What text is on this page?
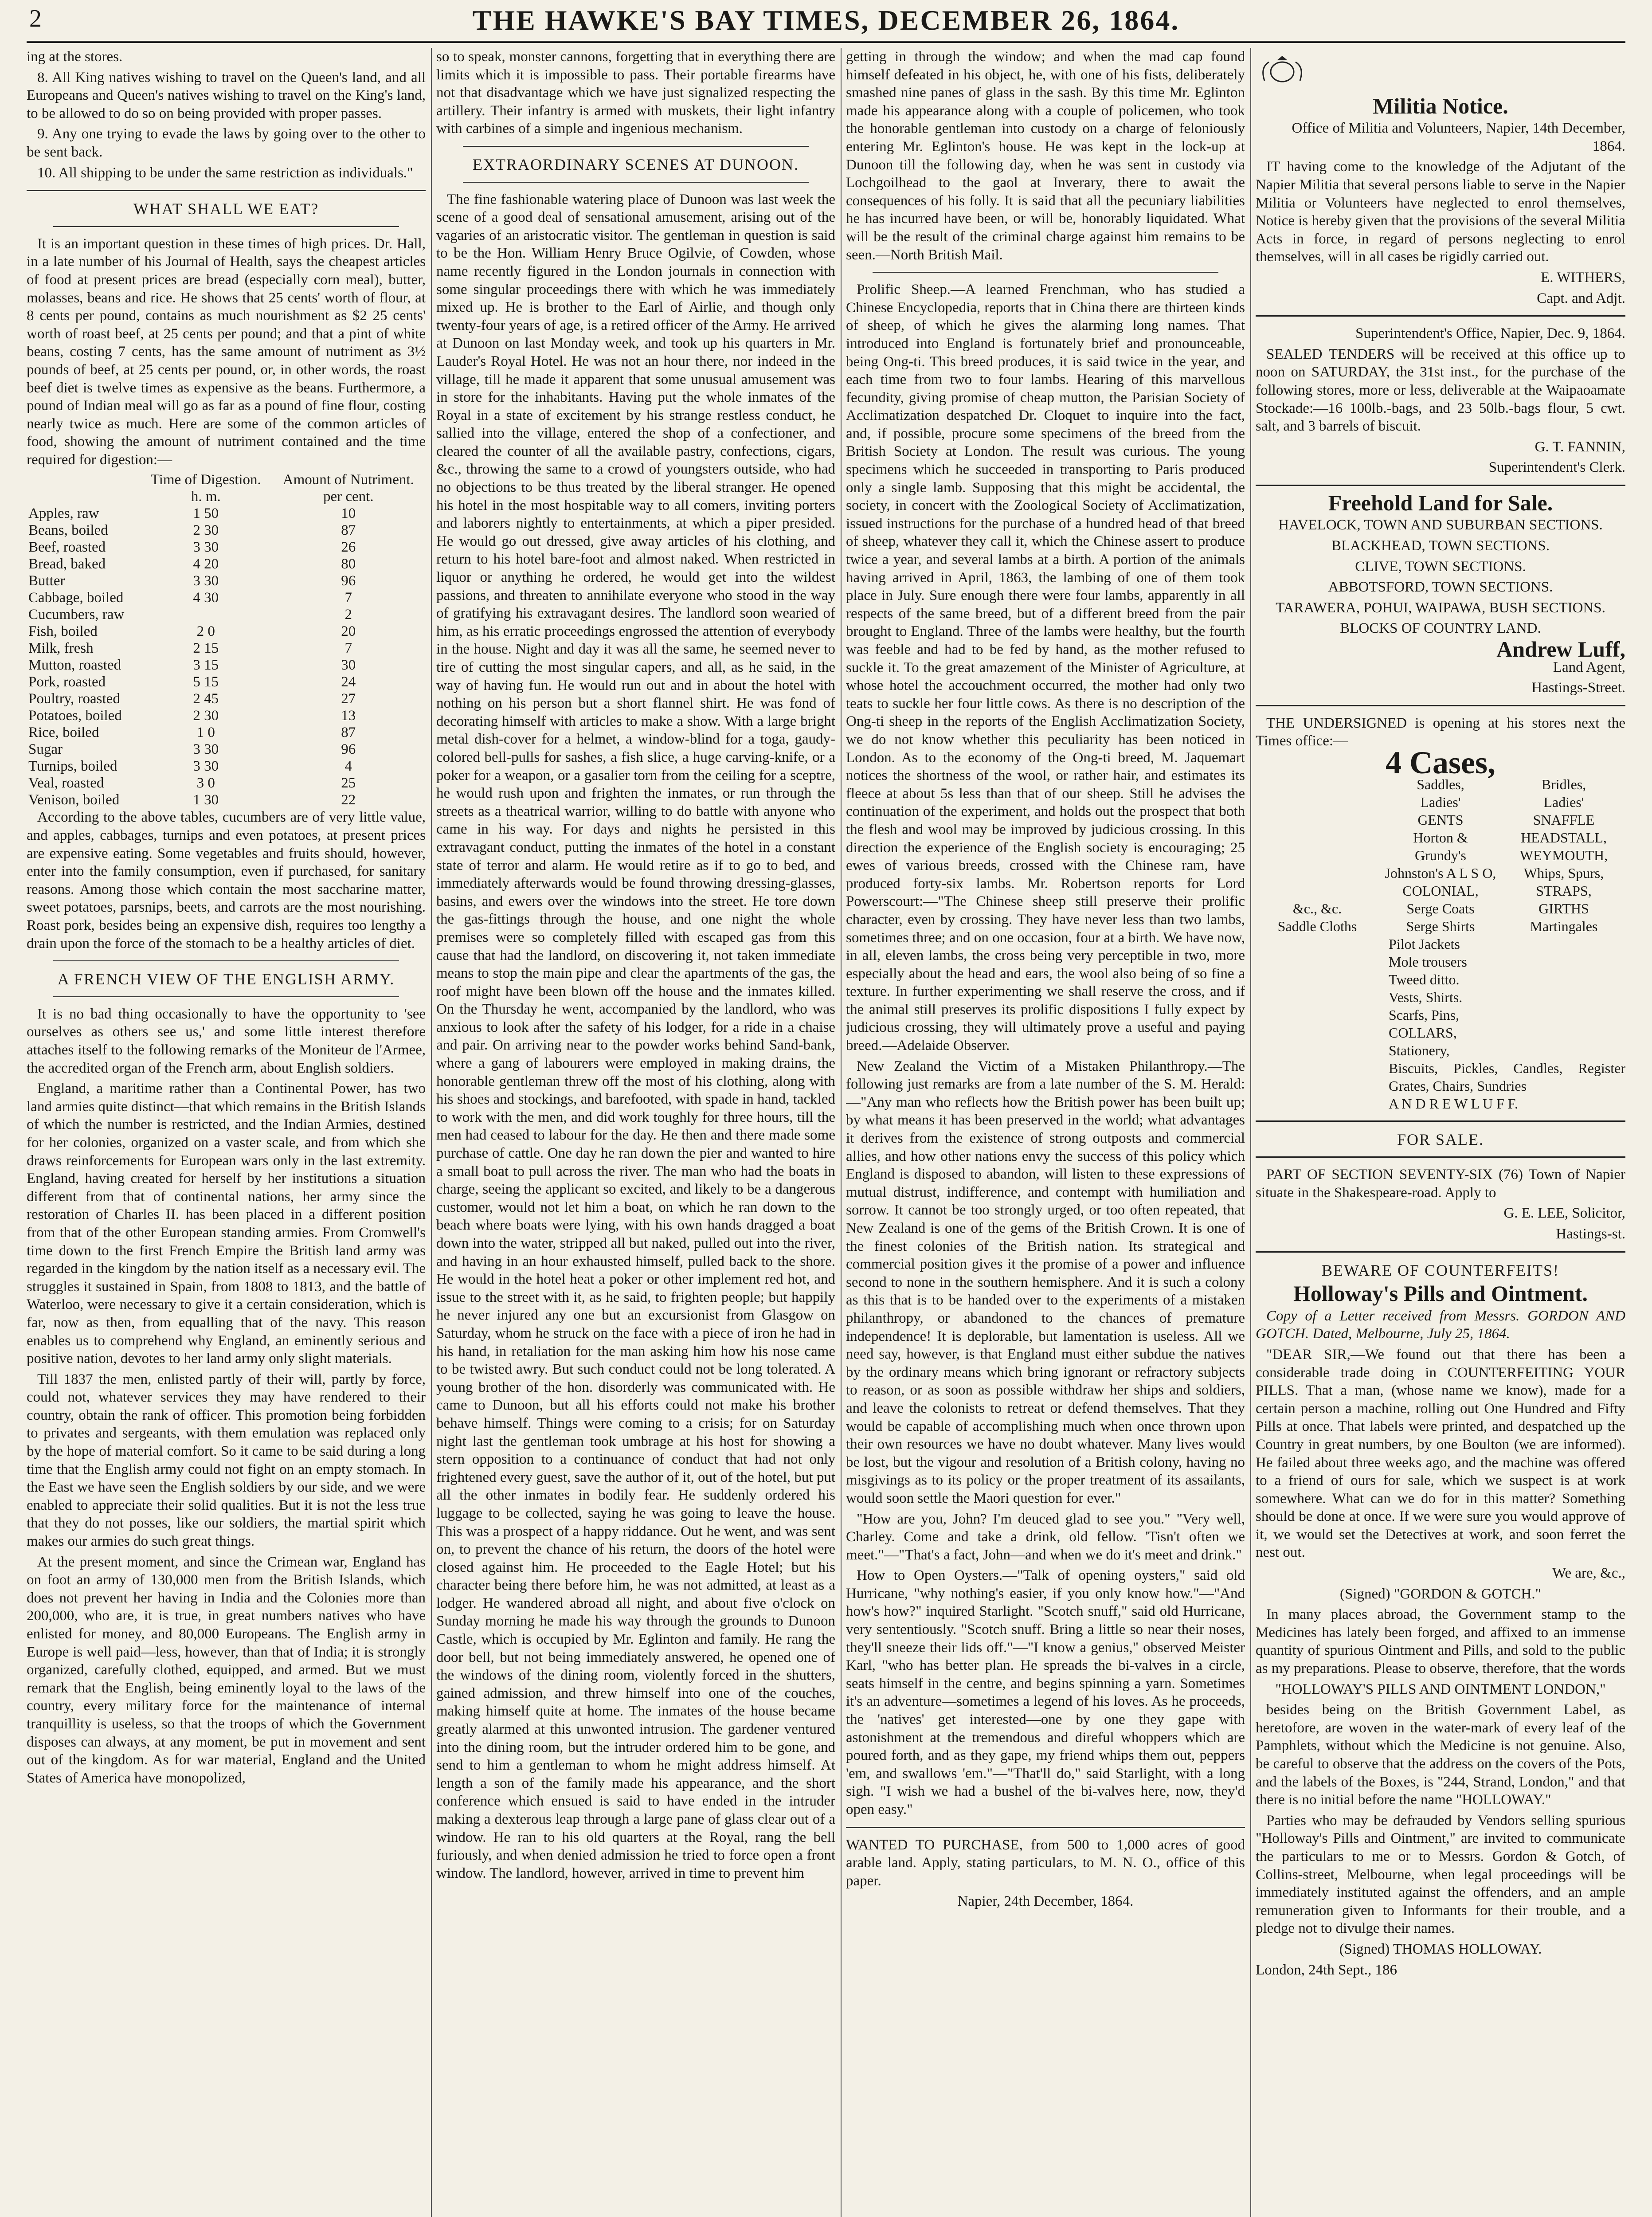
2	THE HAWKE'S BAY TIMES, DECEMBER 26, 1864.

ing at the stores.

8. All King natives wishing to travel on the Queen's land, and all Europeans and Queen's natives wishing to travel on the King's land, to be allowed to do so on being provided with proper passes.

9. Any one trying to evade the laws by going over to the other to be sent back.

10. All shipping to be under the same restriction as individuals."

WHAT SHALL WE EAT?

It is an important question in these times of high prices. Dr. Hall, in a late number of his Journal of Health, says the cheapest articles of food at present prices are bread (especially corn meal), butter, molasses, beans and rice. He shows that 25 cents' worth of flour, at 8 cents per pound, contains as much nourishment as $2 25 cents' worth of roast beef, at 25 cents per pound; and that a pint of white beans, costing 7 cents, has the same amount of nutriment as 3½ pounds of beef, at 25 cents per pound, or, in other words, the roast beef diet is twelve times as expensive as the beans. Furthermore, a pound of Indian meal will go as far as a pound of fine flour, costing nearly twice as much. Here are some of the common articles of food, showing the amount of nutriment contained and the time required for digestion:—

	Time of Digestion.	Amount of Nutriment.
	h. m.	per cent.
Apples, raw	1 50	10
Beans, boiled	2 30	87
Beef, roasted	3 30	26
Bread, baked	4 20	80
Butter	3 30	96
Cabbage, boiled	4 30	7
Cucumbers, raw		2
Fish, boiled	2 0	20
Milk, fresh	2 15	7
Mutton, roasted	3 15	30
Pork, roasted	5 15	24
Poultry, roasted	2 45	27
Potatoes, boiled	2 30	13
Rice, boiled	1 0	87
Sugar	3 30	96
Turnips, boiled	3 30	4
Veal, roasted	3 0	25
Venison, boiled	1 30	22

According to the above tables, cucumbers are of very little value, and apples, cabbages, turnips and even potatoes, at present prices are expensive eating. Some vegetables and fruits should, however, enter into the family consumption, even if purchased, for sanitary reasons. Among those which contain the most saccharine matter, sweet potatoes, parsnips, beets, and carrots are the most nourishing. Roast pork, besides being an expensive dish, requires too lengthy a drain upon the force of the stomach to be a healthy articles of diet.

A FRENCH VIEW OF THE ENGLISH ARMY.

It is no bad thing occasionally to have the opportunity to 'see ourselves as others see us,' and some little interest therefore attaches itself to the following remarks of the Moniteur de l'Armee, the accredited organ of the French arm, about English soldiers.

England, a maritime rather than a Continental Power, has two land armies quite distinct—that which remains in the British Islands of which the number is restricted, and the Indian Armies, destined for her colonies, organized on a vaster scale, and from which she draws reinforcements for European wars only in the last extremity. England, having created for herself by her institutions a situation different from that of continental nations, her army since the restoration of Charles II. has been placed in a different position from that of the other European standing armies. From Cromwell's time down to the first French Empire the British land army was regarded in the kingdom by the nation itself as a necessary evil. The struggles it sustained in Spain, from 1808 to 1813, and the battle of Waterloo, were necessary to give it a certain consideration, which is far, now as then, from equalling that of the navy. This reason enables us to comprehend why England, an eminently serious and positive nation, devotes to her land army only slight materials.

Till 1837 the men, enlisted partly of their will, partly by force, could not, whatever services they may have rendered to their country, obtain the rank of officer. This promotion being forbidden to privates and sergeants, with them emulation was replaced only by the hope of material comfort. So it came to be said during a long time that the English army could not fight on an empty stomach. In the East we have seen the English soldiers by our side, and we were enabled to appreciate their solid qualities. But it is not the less true that they do not posses, like our soldiers, the martial spirit which makes our armies do such great things.

At the present moment, and since the Crimean war, England has on foot an army of 130,000 men from the British Islands, which does not prevent her having in India and the Colonies more than 200,000, who are, it is true, in great numbers natives who have enlisted for money, and 80,000 Europeans. The English army in Europe is well paid—less, however, than that of India; it is strongly organized, carefully clothed, equipped, and armed. But we must remark that the English, being eminently loyal to the laws of the country, every military force for the maintenance of internal tranquillity is useless, so that the troops of which the Government disposes can always, at any moment, be put in movement and sent out of the kingdom. As for war material, England and the United States of America have monopolized,

so to speak, monster cannons, forgetting that in everything there are limits which it is impossible to pass. Their portable firearms have not that disadvantage which we have just signalized respecting the artillery. Their infantry is armed with muskets, their light infantry with carbines of a simple and ingenious mechanism.

EXTRAORDINARY SCENES AT DUNOON.

The fine fashionable watering place of Dunoon was last week the scene of a good deal of sensational amusement, arising out of the vagaries of an aristocratic visitor. The gentleman in question is said to be the Hon. William Henry Bruce Ogilvie, of Cowden, whose name recently figured in the London journals in connection with some singular proceedings there with which he was immediately mixed up. He is brother to the Earl of Airlie, and though only twenty-four years of age, is a retired officer of the Army. He arrived at Dunoon on last Monday week, and took up his quarters in Mr. Lauder's Royal Hotel. He was not an hour there, nor indeed in the village, till he made it apparent that some unusual amusement was in store for the inhabitants. Having put the whole inmates of the Royal in a state of excitement by his strange restless conduct, he sallied into the village, entered the shop of a confectioner, and cleared the counter of all the available pastry, confections, cigars, &c., throwing the same to a crowd of youngsters outside, who had no objections to be thus treated by the liberal stranger. He opened his hotel in the most hospitable way to all comers, inviting porters and laborers nightly to entertainments, at which a piper presided. He would go out dressed, give away articles of his clothing, and return to his hotel bare-foot and almost naked. When restricted in liquor or anything he ordered, he would get into the wildest passions, and threaten to annihilate everyone who stood in the way of gratifying his extravagant desires. The landlord soon wearied of him, as his erratic proceedings engrossed the attention of everybody in the house. Night and day it was all the same, he seemed never to tire of cutting the most singular capers, and all, as he said, in the way of having fun. He would run out and in about the hotel with nothing on his person but a short flannel shirt. He was fond of decorating himself with articles to make a show. With a large bright metal dish-cover for a helmet, a window-blind for a toga, gaudy-colored bell-pulls for sashes, a fish slice, a huge carving-knife, or a poker for a weapon, or a gasalier torn from the ceiling for a sceptre, he would rush upon and frighten the inmates, or run through the streets as a theatrical warrior, willing to do battle with anyone who came in his way. For days and nights he persisted in this extravagant conduct, putting the inmates of the hotel in a constant state of terror and alarm. He would retire as if to go to bed, and immediately afterwards would be found throwing dressing-glasses, basins, and ewers over the windows into the street. He tore down the gas-fittings through the house, and one night the whole premises were so completely filled with escaped gas from this cause that had the landlord, on discovering it, not taken immediate means to stop the main pipe and clear the apartments of the gas, the roof might have been blown off the house and the inmates killed. On the Thursday he went, accompanied by the landlord, who was anxious to look after the safety of his lodger, for a ride in a chaise and pair. On arriving near to the powder works behind Sand-bank, where a gang of labourers were employed in making drains, the honorable gentleman threw off the most of his clothing, along with his shoes and stockings, and barefooted, with spade in hand, tackled to work with the men, and did work toughly for three hours, till the men had ceased to labour for the day. He then and there made some purchase of cattle. One day he ran down the pier and wanted to hire a small boat to pull across the river. The man who had the boats in charge, seeing the applicant so excited, and likely to be a dangerous customer, would not let him a boat, on which he ran down to the beach where boats were lying, with his own hands dragged a boat down into the water, stripped all but naked, pulled out into the river, and having in an hour exhausted himself, pulled back to the shore. He would in the hotel heat a poker or other implement red hot, and issue to the street with it, as he said, to frighten people; but happily he never injured any one but an excursionist from Glasgow on Saturday, whom he struck on the face with a piece of iron he had in his hand, in retaliation for the man asking him how his nose came to be twisted awry. But such conduct could not be long tolerated. A young brother of the hon. disorderly was communicated with. He came to Dunoon, but all his efforts could not make his brother behave himself. Things were coming to a crisis; for on Saturday night last the gentleman took umbrage at his host for showing a stern opposition to a continuance of conduct that had not only frightened every guest, save the author of it, out of the hotel, but put all the other inmates in bodily fear. He suddenly ordered his luggage to be collected, saying he was going to leave the house. This was a prospect of a happy riddance. Out he went, and was sent on, to prevent the chance of his return, the doors of the hotel were closed against him. He proceeded to the Eagle Hotel; but his character being there before him, he was not admitted, at least as a lodger. He wandered abroad all night, and about five o'clock on Sunday morning he made his way through the grounds to Dunoon Castle, which is occupied by Mr. Eglinton and family. He rang the door bell, but not being immediately answered, he opened one of the windows of the dining room, violently forced in the shutters, gained admission, and threw himself into one of the couches, making himself quite at home. The inmates of the house became greatly alarmed at this unwonted intrusion. The gardener ventured into the dining room, but the intruder ordered him to be gone, and send to him a gentleman to whom he might address himself. At length a son of the family made his appearance, and the short conference which ensued is said to have ended in the intruder making a dexterous leap through a large pane of glass clear out of a window. He ran to his old quarters at the Royal, rang the bell furiously, and when denied admission he tried to force open a front window. The landlord, however, arrived in time to prevent him

getting in through the window; and when the mad cap found himself defeated in his object, he, with one of his fists, deliberately smashed nine panes of glass in the sash. By this time Mr. Eglinton made his appearance along with a couple of policemen, who took the honorable gentleman into custody on a charge of feloniously entering Mr. Eglinton's house. He was kept in the lock-up at Dunoon till the following day, when he was sent in custody via Lochgoilhead to the gaol at Inverary, there to await the consequences of his folly. It is said that all the pecuniary liabilities he has incurred have been, or will be, honorably liquidated. What will be the result of the criminal charge against him remains to be seen.—North British Mail.

Prolific Sheep.—A learned Frenchman, who has studied a Chinese Encyclopedia, reports that in China there are thirteen kinds of sheep, of which he gives the alarming long names. That introduced into England is fortunately brief and pronounceable, being Ong-ti. This breed produces, it is said twice in the year, and each time from two to four lambs. Hearing of this marvellous fecundity, giving promise of cheap mutton, the Parisian Society of Acclimatization despatched Dr. Cloquet to inquire into the fact, and, if possible, procure some specimens of the breed from the British Society at London. The result was curious. The young specimens which he succeeded in transporting to Paris produced only a single lamb. Supposing that this might be accidental, the society, in concert with the Zoological Society of Acclimatization, issued instructions for the purchase of a hundred head of that breed of sheep, whatever they call it, which the Chinese assert to produce twice a year, and several lambs at a birth. A portion of the animals having arrived in April, 1863, the lambing of one of them took place in July. Sure enough there were four lambs, apparently in all respects of the same breed, but of a different breed from the pair brought to England. Three of the lambs were healthy, but the fourth was feeble and had to be fed by hand, as the mother refused to suckle it. To the great amazement of the Minister of Agriculture, at whose hotel the accouchment occurred, the mother had only two teats to suckle her four little cows. As there is no description of the Ong-ti sheep in the reports of the English Acclimatization Society, we do not know whether this peculiarity has been noticed in London. As to the economy of the Ong-ti breed, M. Jaquemart notices the shortness of the wool, or rather hair, and estimates its fleece at about 5s less than that of our sheep. Still he advises the continuation of the experiment, and holds out the prospect that both the flesh and wool may be improved by judicious crossing. In this direction the experience of the English society is encouraging; 25 ewes of various breeds, crossed with the Chinese ram, have produced forty-six lambs. Mr. Robertson reports for Lord Powerscourt:—"The Chinese sheep still preserve their prolific character, even by crossing. They have never less than two lambs, sometimes three; and on one occasion, four at a birth. We have now, in all, eleven lambs, the cross being very perceptible in two, more especially about the head and ears, the wool also being of so fine a texture. In further experimenting we shall reserve the cross, and if the animal still preserves its prolific dispositions I fully expect by judicious crossing, they will ultimately prove a useful and paying breed.—Adelaide Observer.

New Zealand the Victim of a Mistaken Philanthropy.—The following just remarks are from a late number of the S. M. Herald:—"Any man who reflects how the British power has been built up; by what means it has been preserved in the world; what advantages it derives from the existence of strong outposts and commercial allies, and how other nations envy the success of this policy which England is disposed to abandon, will listen to these expressions of mutual distrust, indifference, and contempt with humiliation and sorrow. It cannot be too strongly urged, or too often repeated, that New Zealand is one of the gems of the British Crown. It is one of the finest colonies of the British nation. Its strategical and commercial position gives it the promise of a power and influence second to none in the southern hemisphere. And it is such a colony as this that is to be handed over to the experiments of a mistaken philanthropy, or abandoned to the chances of premature independence! It is deplorable, but lamentation is useless. All we need say, however, is that England must either subdue the natives by the ordinary means which bring ignorant or refractory subjects to reason, or as soon as possible withdraw her ships and soldiers, and leave the colonists to retreat or defend themselves. That they would be capable of accomplishing much when once thrown upon their own resources we have no doubt whatever. Many lives would be lost, but the vigour and resolution of a British colony, having no misgivings as to its policy or the proper treatment of its assailants, would soon settle the Maori question for ever."

"How are you, John? I'm deuced glad to see you." "Very well, Charley. Come and take a drink, old fellow. 'Tisn't often we meet."—"That's a fact, John—and when we do it's meet and drink."

How to Open Oysters.—"Talk of opening oysters," said old Hurricane, "why nothing's easier, if you only know how."—"And how's how?" inquired Starlight. "Scotch snuff," said old Hurricane, very sententiously. "Scotch snuff. Bring a little so near their noses, they'll sneeze their lids off."—"I know a genius," observed Meister Karl, "who has better plan. He spreads the bi-valves in a circle, seats himself in the centre, and begins spinning a yarn. Sometimes it's an adventure—sometimes a legend of his loves. As he proceeds, the 'natives' get interested—one by one they gape with astonishment at the tremendous and direful whoppers which are poured forth, and as they gape, my friend whips them out, peppers 'em, and swallows 'em."—"That'll do," said Starlight, with a long sigh. "I wish we had a bushel of the bi-valves here, now, they'd open easy."

WANTED TO PURCHASE, from 500 to 1,000 acres of good arable land. Apply, stating particulars, to M. N. O., office of this paper.

Napier, 24th December, 1864.

Militia Notice.

Office of Militia and Volunteers, Napier, 14th December, 1864.

IT having come to the knowledge of the Adjutant of the Napier Militia that several persons liable to serve in the Napier Militia or Volunteers have neglected to enrol themselves, Notice is hereby given that the provisions of the several Militia Acts in force, in regard of persons neglecting to enrol themselves, will in all cases be rigidly carried out.

E. WITHERS,

Capt. and Adjt.

Superintendent's Office, Napier, Dec. 9, 1864.

SEALED TENDERS will be received at this office up to noon on SATURDAY, the 31st inst., for the purchase of the following stores, more or less, deliverable at the Waipaoamate Stockade:—16 100lb.-bags, and 23 50lb.-bags flour, 5 cwt. salt, and 3 barrels of biscuit.

G. T. FANNIN,

Superintendent's Clerk.

Freehold Land for Sale.

HAVELOCK, TOWN AND SUBURBAN SECTIONS.

BLACKHEAD, TOWN SECTIONS.

CLIVE, TOWN SECTIONS.

ABBOTSFORD, TOWN SECTIONS.

TARAWERA, POHUI, WAIPAWA, BUSH SECTIONS.

BLOCKS OF COUNTRY LAND.

Andrew Luff,

Land Agent,

Hastings-Street.

THE UNDERSIGNED is opening at his stores next the Times office:—

4 Cases,
Saddles,	Bridles,
Ladies'	Ladies'
GENTS	SNAFFLE
Horton &	HEADSTALL,
Grundy's	WEYMOUTH,
Johnston's A L S O,	Whips, Spurs,
COLONIAL,	STRAPS,
&c., &c.	Serge Coats	GIRTHS
Saddle Cloths	Serge Shirts	Martingales
Pilot Jackets
Mole trousers
Tweed ditto.
Vests, Shirts.
Scarfs, Pins,
COLLARS,
Stationery,
Biscuits, Pickles, Candles, Register Grates, Chairs, Sundries
A N D R E W L U F F.
FOR SALE.

PART OF SECTION SEVENTY-SIX (76) Town of Napier situate in the Shakespeare-road. Apply to

G. E. LEE, Solicitor,

Hastings-st.

BEWARE OF COUNTERFEITS!
Holloway's Pills and Ointment.

Copy of a Letter received from Messrs. GORDON AND GOTCH. Dated, Melbourne, July 25, 1864.

"DEAR SIR,—We found out that there has been a considerable trade doing in COUNTERFEITING YOUR PILLS. That a man, (whose name we know), made for a certain person a machine, rolling out One Hundred and Fifty Pills at once. That labels were printed, and despatched up the Country in great numbers, by one Boulton (we are informed). He failed about three weeks ago, and the machine was offered to a friend of ours for sale, which we suspect is at work somewhere. What can we do for in this matter? Something should be done at once. If we were sure you would approve of it, we would set the Detectives at work, and soon ferret the nest out.

We are, &c.,

(Signed) "GORDON & GOTCH."

In many places abroad, the Government stamp to the Medicines has lately been forged, and affixed to an immense quantity of spurious Ointment and Pills, and sold to the public as my preparations. Please to observe, therefore, that the words

"HOLLOWAY'S PILLS AND OINTMENT LONDON,"

besides being on the British Government Label, as heretofore, are woven in the water-mark of every leaf of the Pamphlets, without which the Medicine is not genuine. Also, be careful to observe that the address on the covers of the Pots, and the labels of the Boxes, is "244, Strand, London," and that there is no initial before the name "HOLLOWAY."

Parties who may be defrauded by Vendors selling spurious "Holloway's Pills and Ointment," are invited to communicate the particulars to me or to Messrs. Gordon & Gotch, of Collins-street, Melbourne, when legal proceedings will be immediately instituted against the offenders, and an ample remuneration given to Informants for their trouble, and a pledge not to divulge their names.

(Signed) THOMAS HOLLOWAY.

London, 24th Sept., 186
